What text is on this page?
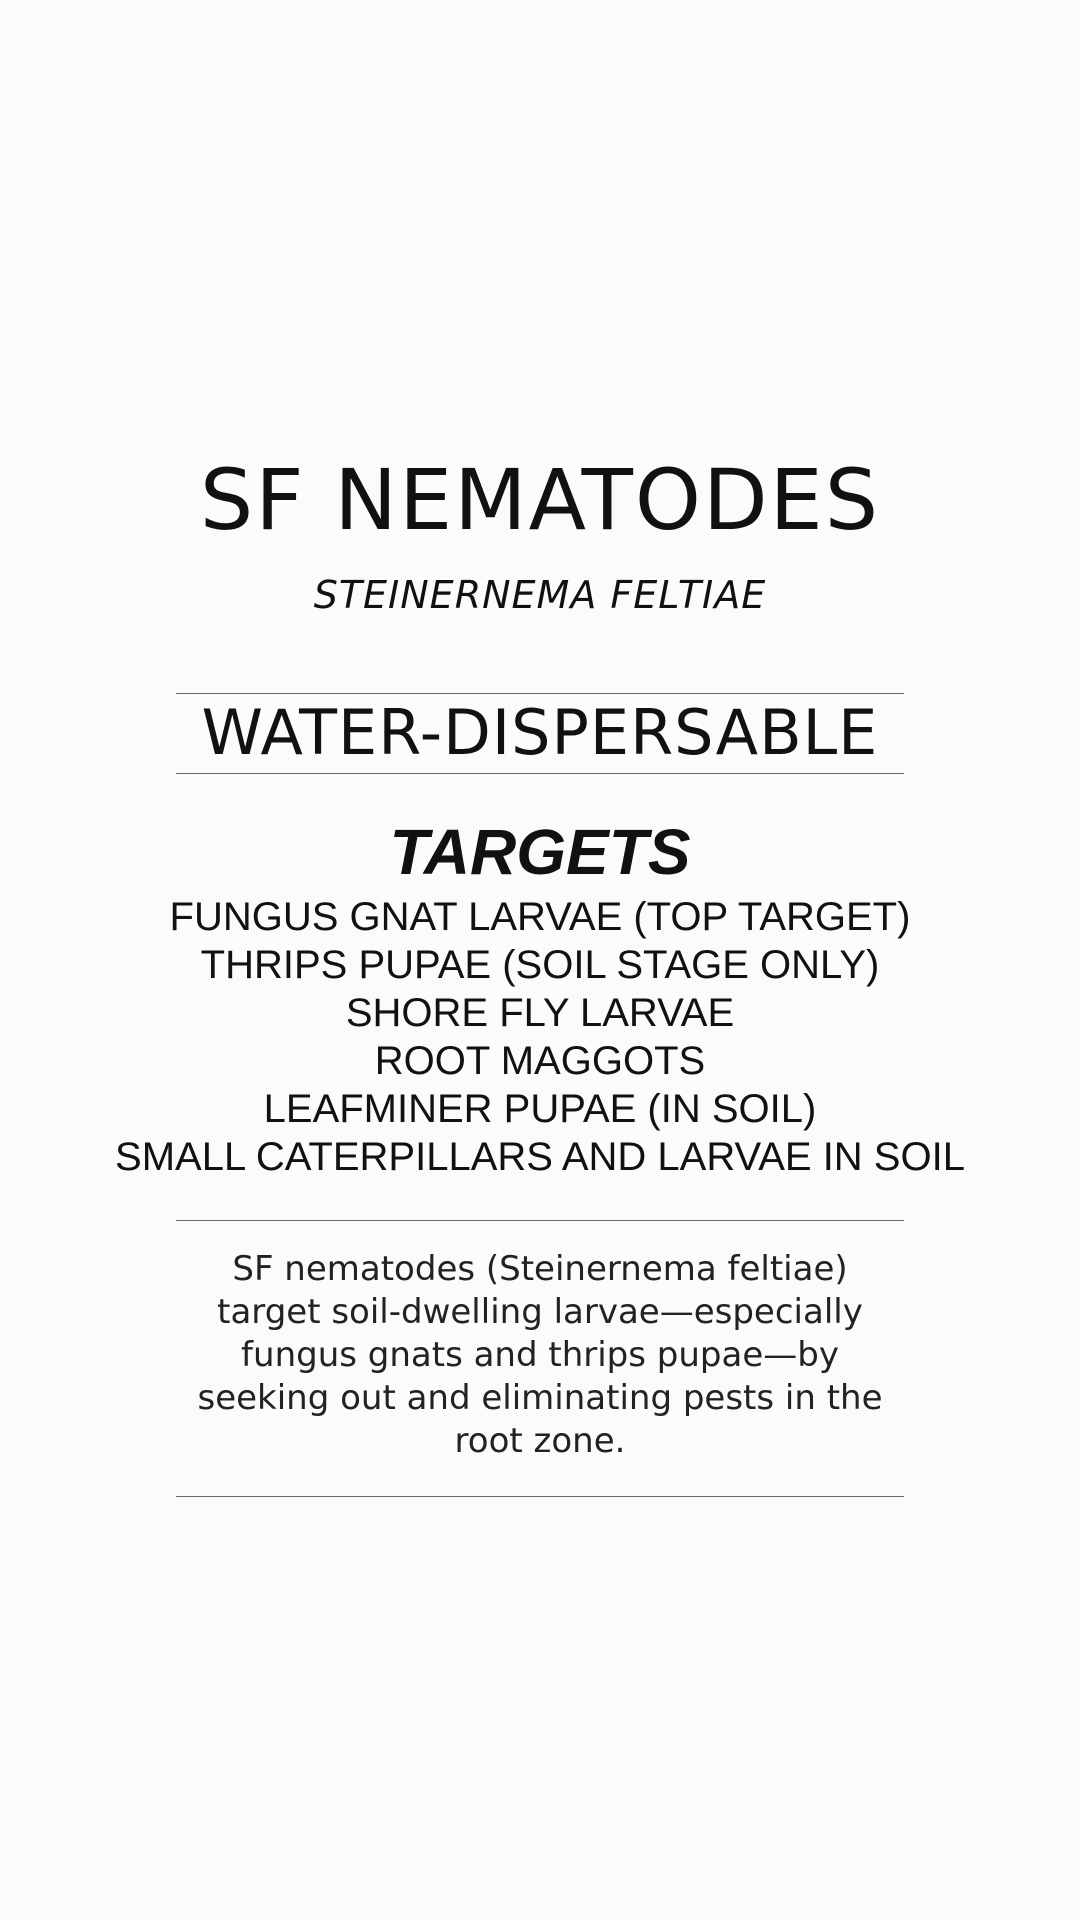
SF NEMATODES

STEINERNEMA FELTIAE

WATER-DISPERSABLE

TARGETS
FUNGUS GNAT LARVAE (TOP TARGET)
THRIPS PUPAE (SOIL STAGE ONLY)
SHORE FLY LARVAE
ROOT MAGGOTS
LEAFMINER PUPAE (IN SOIL)
SMALL CATERPILLARS AND LARVAE IN SOIL

SF nematodes (Steinernema feltiae) target soil-dwelling larvae—especially fungus gnats and thrips pupae—by seeking out and eliminating pests in the root zone.
